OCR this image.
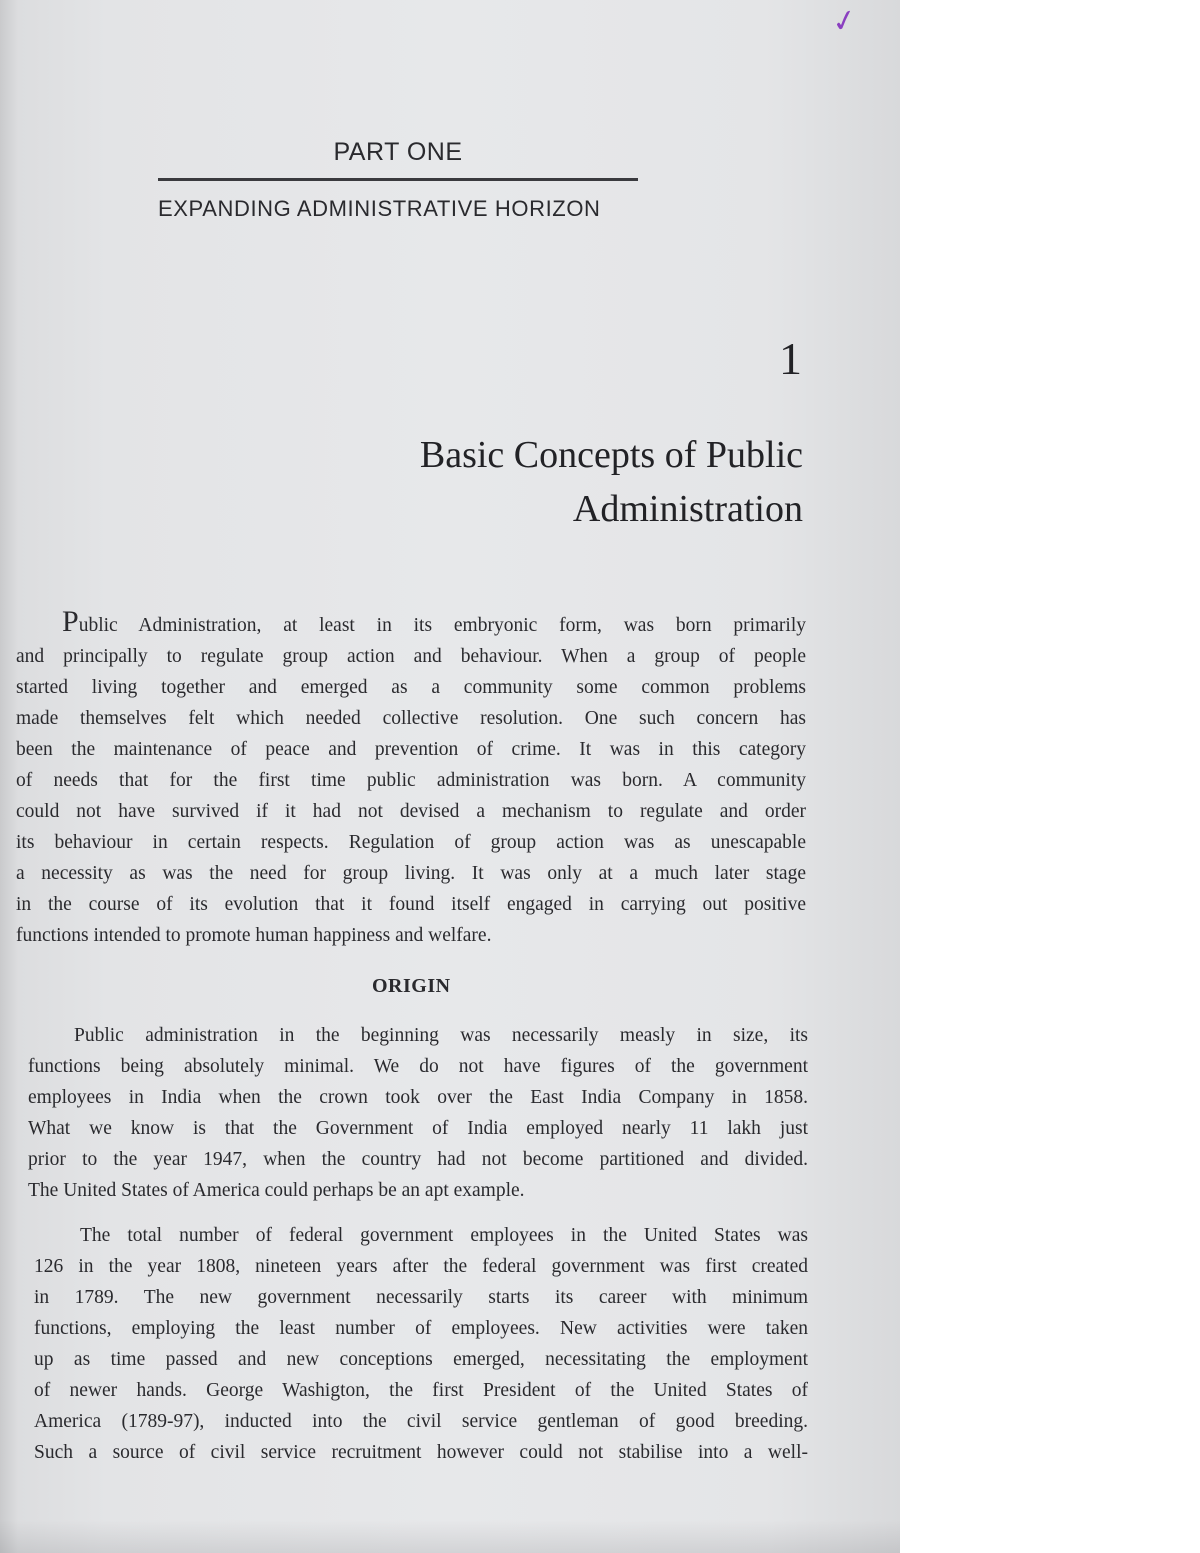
PART ONE
EXPANDING ADMINISTRATIVE HORIZON
1
Basic Concepts of Public
Administration
Public Administration, at least in its embryonic form, was born primarily
and principally to regulate group action and behaviour. When a group of people
started living together and emerged as a community some common problems
made themselves felt which needed collective resolution. One such concern has
been the maintenance of peace and prevention of crime. It was in this category
of needs that for the first time public administration was born. A community
could not have survived if it had not devised a mechanism to regulate and order
its behaviour in certain respects. Regulation of group action was as unescapable
a necessity as was the need for group living. It was only at a much later stage
in the course of its evolution that it found itself engaged in carrying out positive
functions intended to promote human happiness and welfare.
ORIGIN
Public administration in the beginning was necessarily measly in size, its
functions being absolutely minimal. We do not have figures of the government
employees in India when the crown took over the East India Company in 1858.
What we know is that the Government of India employed nearly 11 lakh just
prior to the year 1947, when the country had not become partitioned and divided.
The United States of America could perhaps be an apt example.
The total number of federal government employees in the United States was
126 in the year 1808, nineteen years after the federal government was first created
in 1789. The new government necessarily starts its career with minimum
functions, employing the least number of employees. New activities were taken
up as time passed and new conceptions emerged, necessitating the employment
of newer hands. George Washigton, the first President of the United States of
America (1789-97), inducted into the civil service gentleman of good breeding.
Such a source of civil service recruitment however could not stabilise into a well-
✓
